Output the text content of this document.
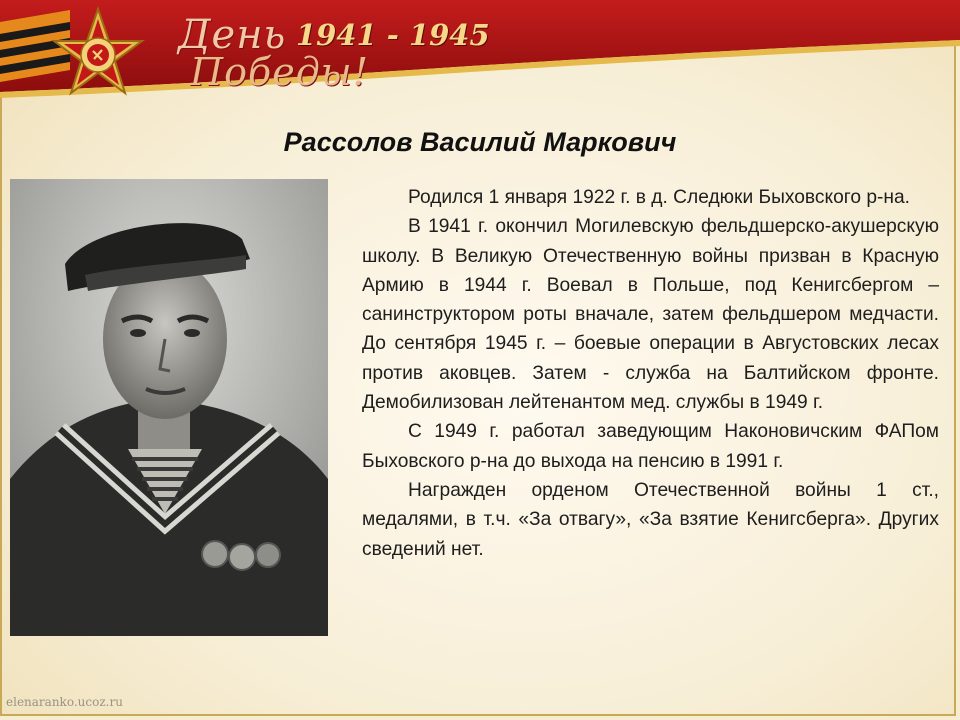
День
Победы!
1941 - 1945
Рассолов Василий Маркович

Родился 1 января 1922 г. в д. Следюки Быховского р-на.

В 1941 г. окончил Могилевскую фельдшерско-акушерскую школу. В Великую Отечественную войны призван в Красную Армию в 1944 г. Воевал в Польше, под Кенигсбергом – санинструктором роты вначале, затем фельдшером медчасти. До сентября 1945 г. – боевые операции в Августовских лесах против аковцев. Затем - служба на Балтийском фронте. Демобилизован лейтенантом мед. службы в 1949 г.

С 1949 г. работал заведующим Наконовичским ФАПом Быховского р-на до выхода на пенсию в 1991 г.

Награжден орденом Отечественной войны 1 ст., медалями, в т.ч. «За отвагу», «За взятие Кенигсберга». Других сведений нет.

elenaranko.ucoz.ru
